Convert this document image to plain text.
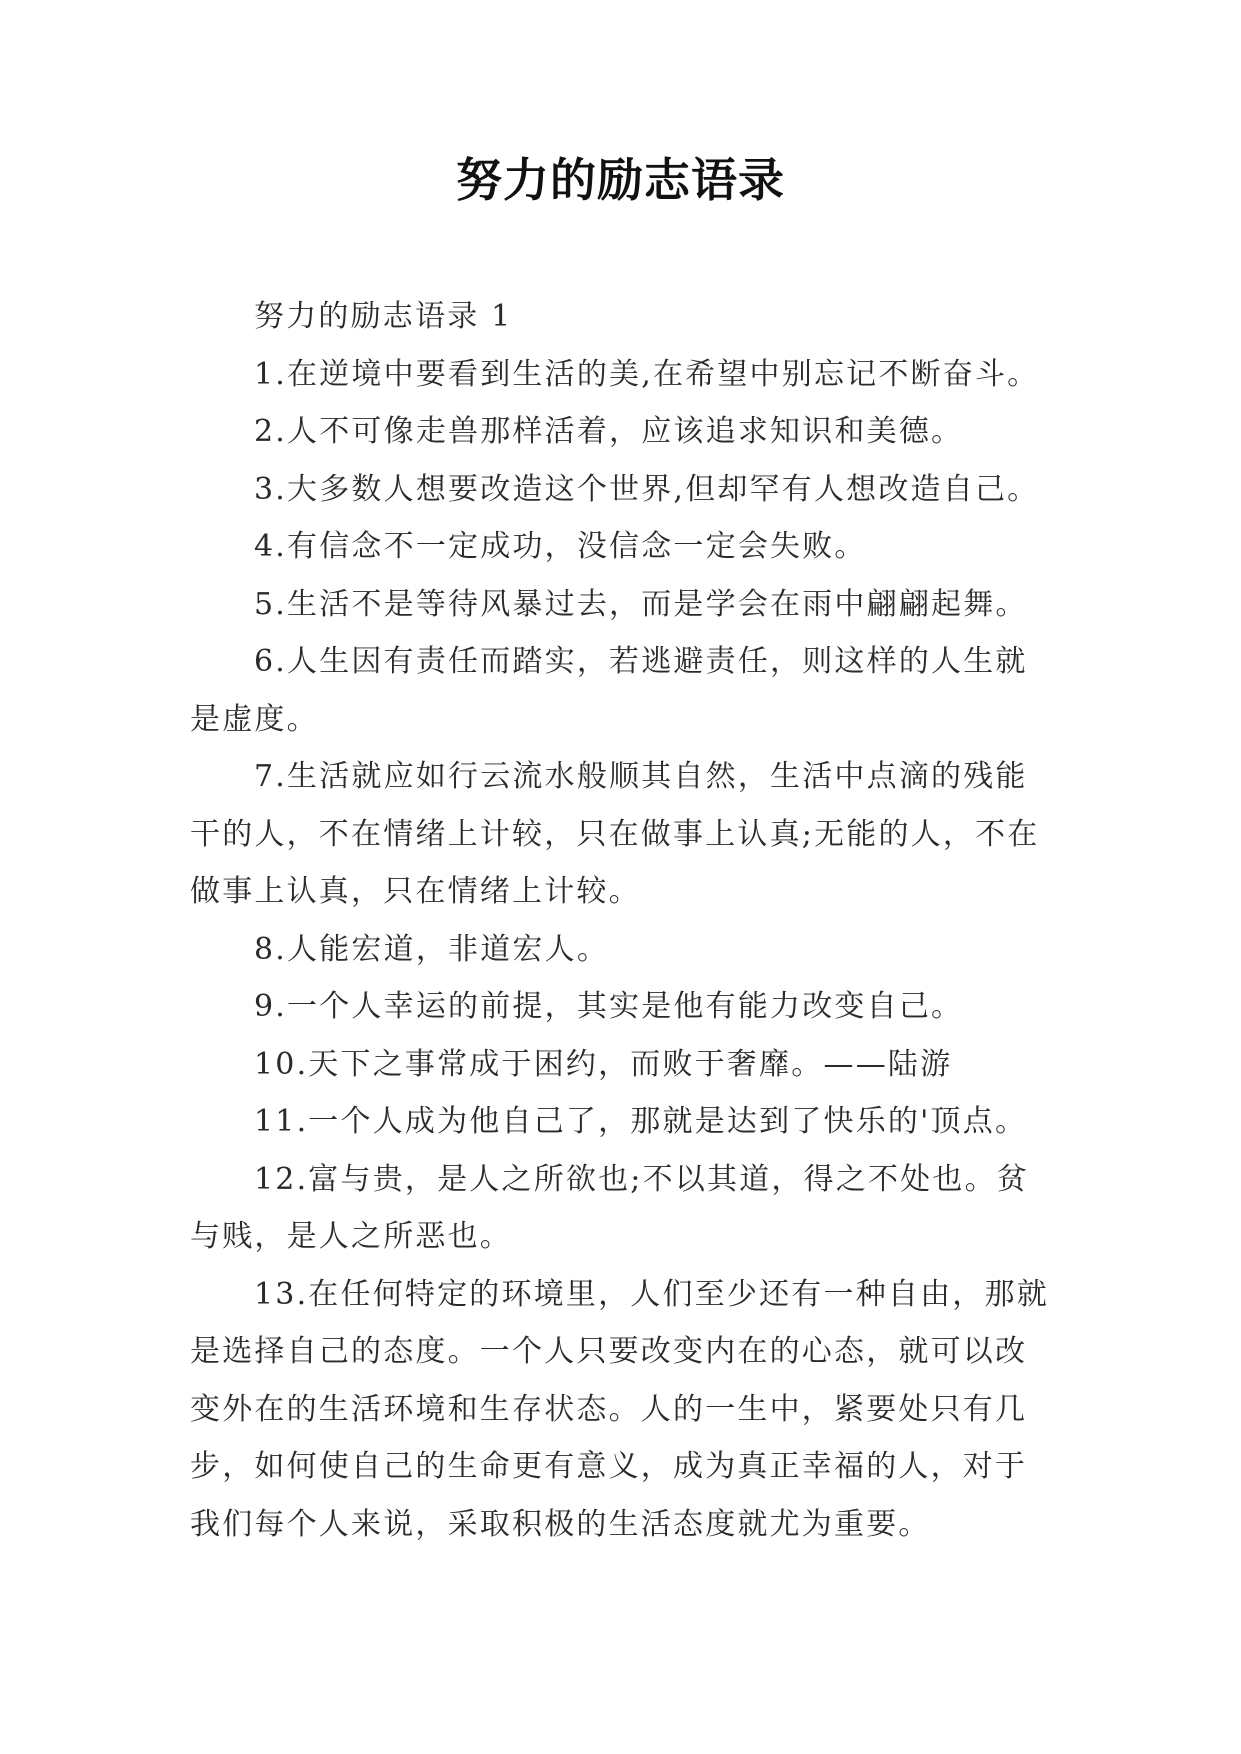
努力的励志语录

努力的励志语录 1

1.在逆境中要看到生活的美,在希望中别忘记不断奋斗。

2.人不可像走兽那样活着，应该追求知识和美德。

3.大多数人想要改造这个世界,但却罕有人想改造自己。

4.有信念不一定成功，没信念一定会失败。

5.生活不是等待风暴过去，而是学会在雨中翩翩起舞。

6.人生因有责任而踏实，若逃避责任，则这样的人生就是虚度。

7.生活就应如行云流水般顺其自然，生活中点滴的残能干的人，不在情绪上计较，只在做事上认真;无能的人，不在做事上认真，只在情绪上计较。

8.人能宏道，非道宏人。

9.一个人幸运的前提，其实是他有能力改变自己。

10.天下之事常成于困约，而败于奢靡。——陆游

11.一个人成为他自己了，那就是达到了快乐的'顶点。

12.富与贵，是人之所欲也;不以其道，得之不处也。贫与贱，是人之所恶也。

13.在任何特定的环境里，人们至少还有一种自由，那就是选择自己的态度。一个人只要改变内在的心态，就可以改变外在的生活环境和生存状态。人的一生中，紧要处只有几步，如何使自己的生命更有意义，成为真正幸福的人，对于我们每个人来说，采取积极的生活态度就尤为重要。
